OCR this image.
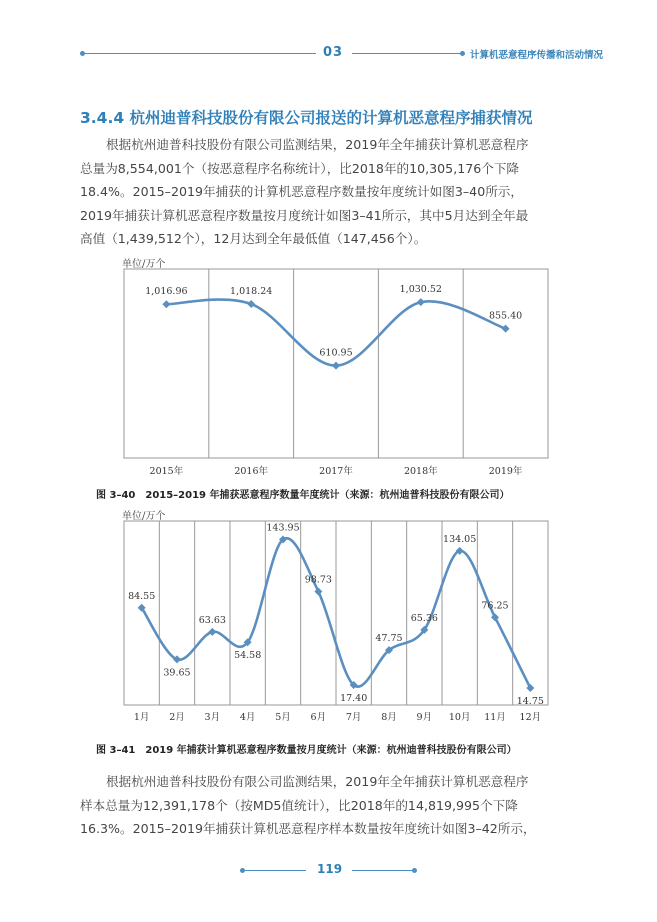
03	计算机恶意程序传播和活动情况
3.4.4 杭州迪普科技股份有限公司报送的计算机恶意程序捕获情况
根据杭州迪普科技股份有限公司监测结果，2019年全年捕获计算机恶意程序
总量为8,554,001个（按恶意程序名称统计），比2018年的10,305,176个下降
18.4%。2015–2019年捕获的计算机恶意程序数量按年度统计如图3–40所示，
2019年捕获计算机恶意程序数量按月度统计如图3–41所示，其中5月达到全年最
高值（1,439,512个），12月达到全年最低值（147,456个）。
单位/万个
1,016.96	1,018.24
610.95
1,030.52
855.40
2015年	2016年	2017年	2018年	2019年
图 3–40　2015–2019 年捕获恶意程序数量年度统计（来源：杭州迪普科技股份有限公司）
单位/万个
84.55
39.65
63.63
54.58
143.95
98.73
17.40
47.75
65.36
134.05
76.25
14.75
1月 2月 3月 4月 5月 6月 7月 8月 9月 10月 11月 12月
图 3–41　2019 年捕获计算机恶意程序数量按月度统计（来源：杭州迪普科技股份有限公司）
根据杭州迪普科技股份有限公司监测结果，2019年全年捕获计算机恶意程序
样本总量为12,391,178个（按MD5值统计），比2018年的14,819,995个下降
16.3%。2015–2019年捕获计算机恶意程序样本数量按年度统计如图3–42所示，
119
